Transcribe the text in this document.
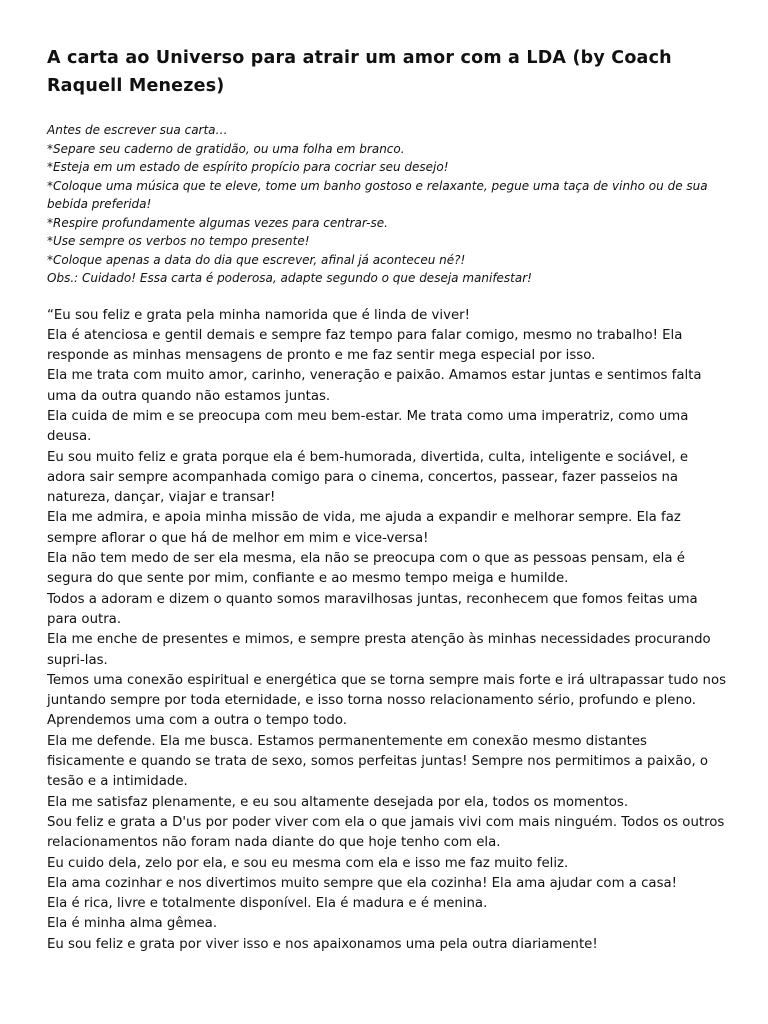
A carta ao Universo para atrair um amor com a LDA (by Coach Raquell Menezes)

Antes de escrever sua carta…

*Separe seu caderno de gratidão, ou uma folha em branco.

*Esteja em um estado de espírito propício para cocriar seu desejo!

*Coloque uma música que te eleve, tome um banho gostoso e relaxante, pegue uma taça de vinho ou de sua bebida preferida!

*Respire profundamente algumas vezes para centrar-se.

*Use sempre os verbos no tempo presente!

*Coloque apenas a data do dia que escrever, afinal já aconteceu né?!

Obs.: Cuidado! Essa carta é poderosa, adapte segundo o que deseja manifestar!

“Eu sou feliz e grata pela minha namorida que é linda de viver!

Ela é atenciosa e gentil demais e sempre faz tempo para falar comigo, mesmo no trabalho! Ela responde as minhas mensagens de pronto e me faz sentir mega especial por isso.

Ela me trata com muito amor, carinho, veneração e paixão. Amamos estar juntas e sentimos falta uma da outra quando não estamos juntas.

Ela cuida de mim e se preocupa com meu bem-estar. Me trata como uma imperatriz, como uma deusa.

Eu sou muito feliz e grata porque ela é bem-humorada, divertida, culta, inteligente e sociável, e adora sair sempre acompanhada comigo para o cinema, concertos, passear, fazer passeios na natureza, dançar, viajar e transar!

Ela me admira, e apoia minha missão de vida, me ajuda a expandir e melhorar sempre. Ela faz sempre aflorar o que há de melhor em mim e vice-versa!

Ela não tem medo de ser ela mesma, ela não se preocupa com o que as pessoas pensam, ela é segura do que sente por mim, confiante e ao mesmo tempo meiga e humilde.

Todos a adoram e dizem o quanto somos maravilhosas juntas, reconhecem que fomos feitas uma para outra.

Ela me enche de presentes e mimos, e sempre presta atenção às minhas necessidades procurando supri-las.

Temos uma conexão espiritual e energética que se torna sempre mais forte e irá ultrapassar tudo nos juntando sempre por toda eternidade, e isso torna nosso relacionamento sério, profundo e pleno.

Aprendemos uma com a outra o tempo todo.

Ela me defende. Ela me busca. Estamos permanentemente em conexão mesmo distantes fisicamente e quando se trata de sexo, somos perfeitas juntas! Sempre nos permitimos a paixão, o tesão e a intimidade.

Ela me satisfaz plenamente, e eu sou altamente desejada por ela, todos os momentos.

Sou feliz e grata a D'us por poder viver com ela o que jamais vivi com mais ninguém. Todos os outros relacionamentos não foram nada diante do que hoje tenho com ela.

Eu cuido dela, zelo por ela, e sou eu mesma com ela e isso me faz muito feliz.

Ela ama cozinhar e nos divertimos muito sempre que ela cozinha! Ela ama ajudar com a casa!

Ela é rica, livre e totalmente disponível. Ela é madura e é menina.

Ela é minha alma gêmea.

Eu sou feliz e grata por viver isso e nos apaixonamos uma pela outra diariamente!
